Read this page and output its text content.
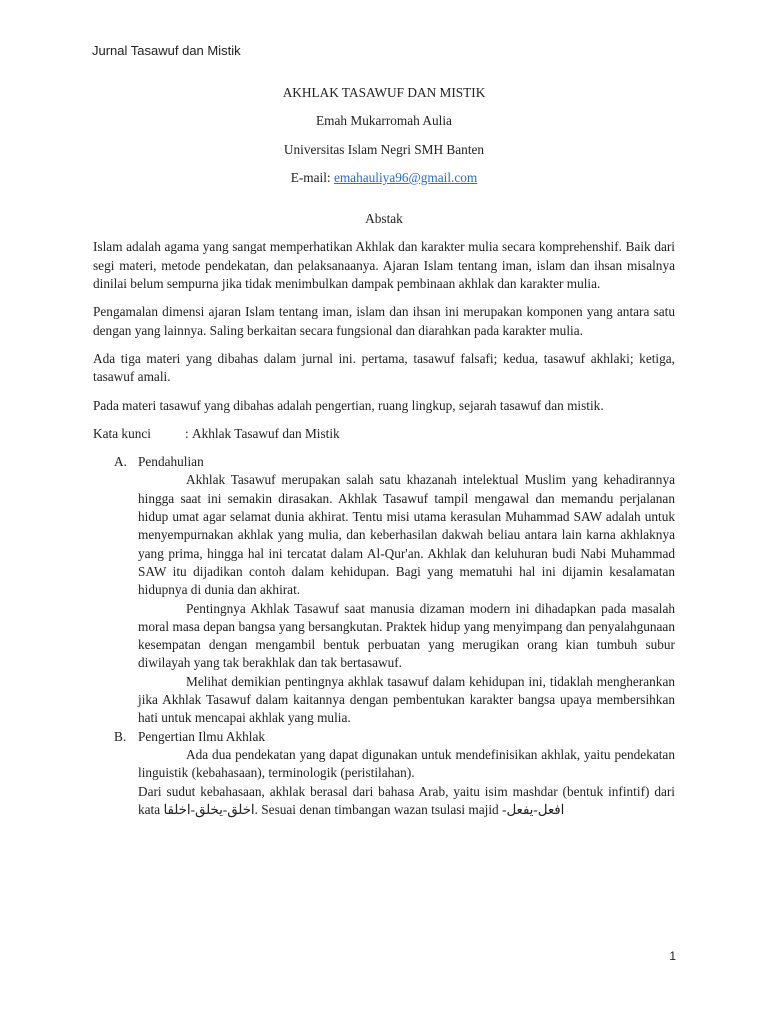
Jurnal Tasawuf dan Mistik
AKHLAK TASAWUF DAN MISTIK
Emah Mukarromah Aulia
Universitas Islam Negri SMH Banten
E-mail: emahauliya96@gmail.com
Abstak

Islam adalah agama yang sangat memperhatikan Akhlak dan karakter mulia secara komprehenshif. Baik dari segi materi, metode pendekatan, dan pelaksanaanya. Ajaran Islam tentang iman, islam dan ihsan misalnya dinilai belum sempurna jika tidak menimbulkan dampak pembinaan akhlak dan karakter mulia.

Pengamalan dimensi ajaran Islam tentang iman, islam dan ihsan ini merupakan komponen yang antara satu dengan yang lainnya. Saling berkaitan secara fungsional dan diarahkan pada karakter mulia.

Ada tiga materi yang dibahas dalam jurnal ini. pertama, tasawuf falsafi; kedua, tasawuf akhlaki; ketiga, tasawuf amali.

Pada materi tasawuf yang dibahas adalah pengertian, ruang lingkup, sejarah tasawuf dan mistik.

Kata kunci	:
Akhlak Tasawuf dan Mistik
A. Pendahulian

Akhlak Tasawuf merupakan salah satu khazanah intelektual Muslim yang kehadirannya hingga saat ini semakin dirasakan. Akhlak Tasawuf tampil mengawal dan memandu perjalanan hidup umat agar selamat dunia akhirat. Tentu misi utama kerasulan Muhammad SAW adalah untuk menyempurnakan akhlak yang mulia, dan keberhasilan dakwah beliau antara lain karna akhlaknya yang prima, hingga hal ini tercatat dalam Al-Qur'an. Akhlak dan keluhuran budi Nabi Muhammad SAW itu dijadikan contoh dalam kehidupan. Bagi yang mematuhi hal ini dijamin kesalamatan hidupnya di dunia dan akhirat.

Pentingnya Akhlak Tasawuf saat manusia dizaman modern ini dihadapkan pada masalah moral masa depan bangsa yang bersangkutan. Praktek hidup yang menyimpang dan penyalahgunaan kesempatan dengan mengambil bentuk perbuatan yang merugikan orang kian tumbuh subur diwilayah yang tak berakhlak dan tak bertasawuf.

Melihat demikian pentingnya akhlak tasawuf dalam kehidupan ini, tidaklah mengherankan jika Akhlak Tasawuf dalam kaitannya dengan pembentukan karakter bangsa upaya membersihkan hati untuk mencapai akhlak yang mulia.

B. Pengertian Ilmu Akhlak

Ada dua pendekatan yang dapat digunakan untuk mendefinisikan akhlak, yaitu pendekatan linguistik (kebahasaan), terminologik (peristilahan).

Dari sudut kebahasaan, akhlak berasal dari bahasa Arab, yaitu isim mashdar (bentuk infintif) dari kata اخلق-يخلق-اخلقا. Sesuai denan timbangan wazan tsulasi majid -افعل-يفعل

1
